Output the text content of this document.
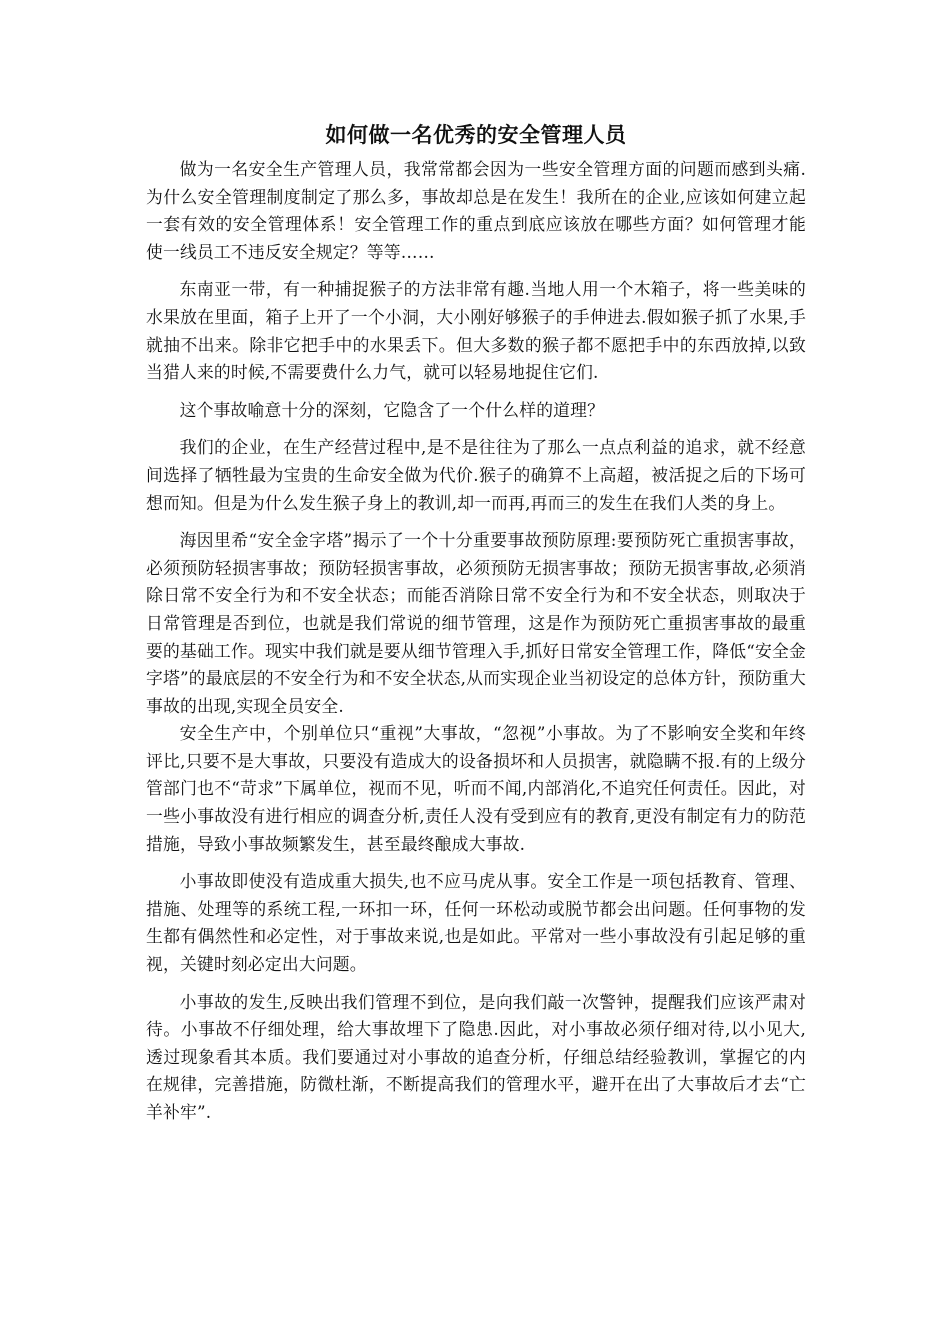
如何做一名优秀的安全管理人员

做为一名安全生产管理人员，我常常都会因为一些安全管理方面的问题而感到头痛.为什么安全管理制度制定了那么多，事故却总是在发生！我所在的企业,应该如何建立起一套有效的安全管理体系！安全管理工作的重点到底应该放在哪些方面？如何管理才能使一线员工不违反安全规定？等等……

东南亚一带，有一种捕捉猴子的方法非常有趣.当地人用一个木箱子，将一些美味的水果放在里面，箱子上开了一个小洞，大小刚好够猴子的手伸进去.假如猴子抓了水果,手就抽不出来。除非它把手中的水果丢下。但大多数的猴子都不愿把手中的东西放掉,以致当猎人来的时候,不需要费什么力气，就可以轻易地捉住它们.

这个事故喻意十分的深刻，它隐含了一个什么样的道理？

我们的企业，在生产经营过程中,是不是往往为了那么一点点利益的追求，就不经意间选择了牺牲最为宝贵的生命安全做为代价.猴子的确算不上高超，被活捉之后的下场可想而知。但是为什么发生猴子身上的教训,却一而再,再而三的发生在我们人类的身上。

海因里希“安全金字塔”揭示了一个十分重要事故预防原理:要预防死亡重损害事故，必须预防轻损害事故；预防轻损害事故，必须预防无损害事故；预防无损害事故,必须消除日常不安全行为和不安全状态；而能否消除日常不安全行为和不安全状态，则取决于日常管理是否到位，也就是我们常说的细节管理，这是作为预防死亡重损害事故的最重要的基础工作。现实中我们就是要从细节管理入手,抓好日常安全管理工作，降低“安全金字塔”的最底层的不安全行为和不安全状态,从而实现企业当初设定的总体方针，预防重大事故的出现,实现全员安全.

安全生产中，个别单位只“重视”大事故，“忽视”小事故。为了不影响安全奖和年终评比,只要不是大事故，只要没有造成大的设备损坏和人员损害，就隐瞒不报.有的上级分管部门也不“苛求”下属单位，视而不见，听而不闻,内部消化,不追究任何责任。因此，对一些小事故没有进行相应的调查分析,责任人没有受到应有的教育,更没有制定有力的防范措施，导致小事故频繁发生，甚至最终酿成大事故.

小事故即使没有造成重大损失,也不应马虎从事。安全工作是一项包括教育、管理、措施、处理等的系统工程,一环扣一环，任何一环松动或脱节都会出问题。任何事物的发生都有偶然性和必定性，对于事故来说,也是如此。平常对一些小事故没有引起足够的重视，关键时刻必定出大问题。

小事故的发生,反映出我们管理不到位，是向我们敲一次警钟，提醒我们应该严肃对待。小事故不仔细处理，给大事故埋下了隐患.因此，对小事故必须仔细对待,以小见大,透过现象看其本质。我们要通过对小事故的追查分析，仔细总结经验教训，掌握它的内在规律，完善措施，防微杜渐，不断提高我们的管理水平，避开在出了大事故后才去“亡羊补牢”.
